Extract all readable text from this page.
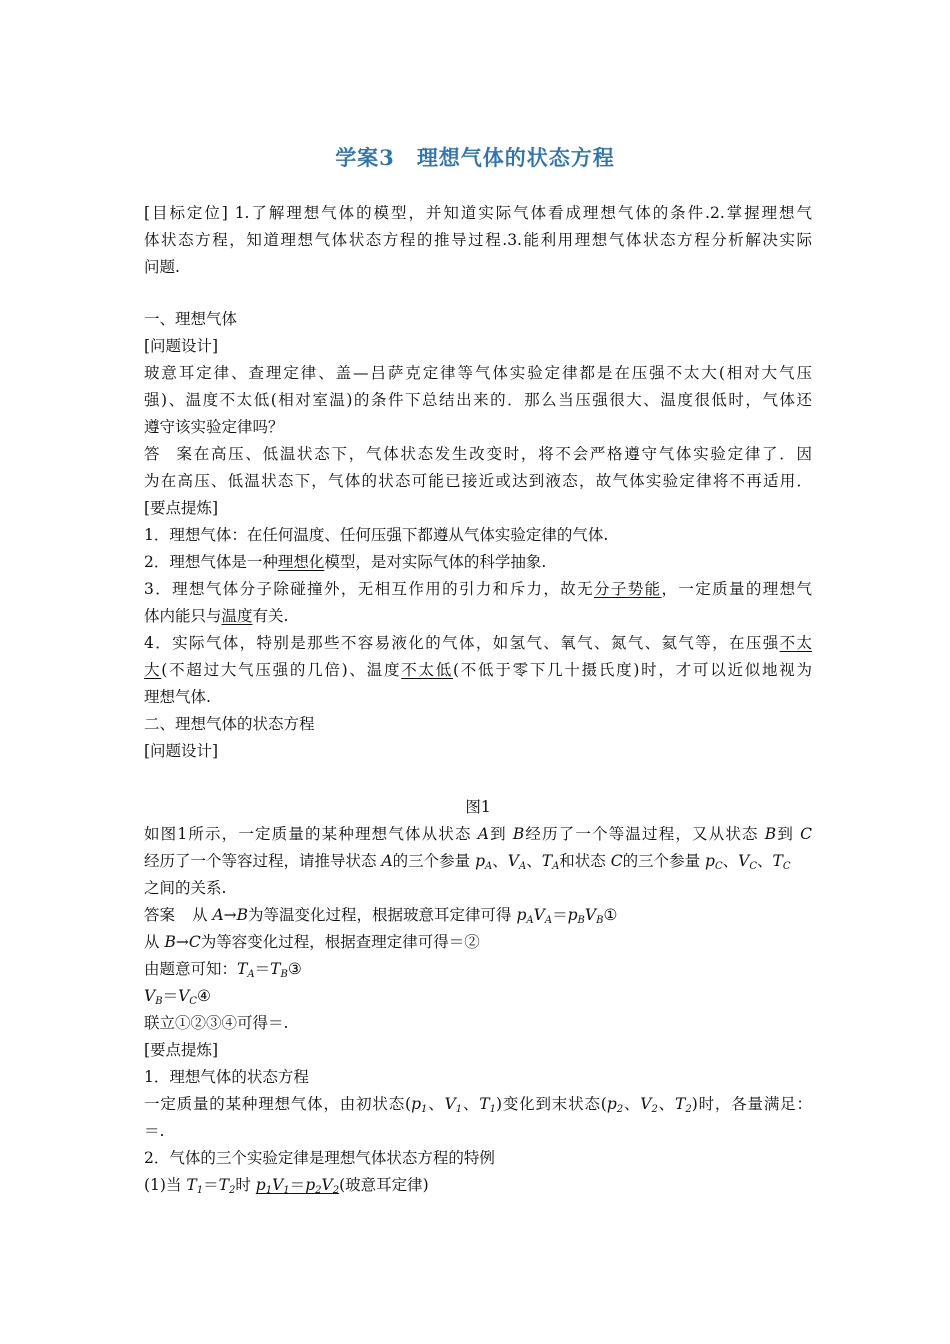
学案3 理想气体的状态方程
[目标定位] 1.了解理想气体的模型，并知道实际气体看成理想气体的条件.2.掌握理想气
体状态方程，知道理想气体状态方程的推导过程.3.能利用理想气体状态方程分析解决实际
问题.
一、理想气体
[问题设计]
玻意耳定律、查理定律、盖—吕萨克定律等气体实验定律都是在压强不太大(相对大气压
强)、温度不太低(相对室温)的条件下总结出来的．那么当压强很大、温度很低时，气体还
遵守该实验定律吗？
答案在高压、低温状态下，气体状态发生改变时，将不会严格遵守气体实验定律了．因
为在高压、低温状态下，气体的状态可能已接近或达到液态，故气体实验定律将不再适用．
[要点提炼]
1．理想气体：在任何温度、任何压强下都遵从气体实验定律的气体.
2．理想气体是一种理想化模型，是对实际气体的科学抽象.
3．理想气体分子除碰撞外，无相互作用的引力和斥力，故无分子势能，一定质量的理想气
体内能只与温度有关.
4．实际气体，特别是那些不容易液化的气体，如氢气、氧气、氮气、氦气等，在压强不太
大(不超过大气压强的几倍)、温度不太低(不低于零下几十摄氏度)时，才可以近似地视为
理想气体.
二、理想气体的状态方程
[问题设计]
图1
如图1所示，一定质量的某种理想气体从状态 A到 B经历了一个等温过程，又从状态 B到 C
经历了一个等容过程，请推导状态 A的三个参量 $p_A$、$V_A$、$T_A$和状态 C的三个参量 $p_C$、$V_C$、$T_C$
之间的关系.
答案 从 A→B为等温变化过程，根据玻意耳定律可得 $p_AV_A=p_BV_B①$
从 B→C为等容变化过程，根据查理定律可得＝②
由题意可知：$T_A=T_B③$
$V_B=V_C④$
联立①②③④可得＝.
[要点提炼]
1．理想气体的状态方程
一定质量的某种理想气体，由初状态($p_1$、$V_1$、$T_1$)变化到末状态($p_2$、$V_2$、$T_2$)时，各量满足：
＝.
2．气体的三个实验定律是理想气体状态方程的特例
(1)当 $T_1=T_2$时 $p_1V_1=p_2V_2$(玻意耳定律)
